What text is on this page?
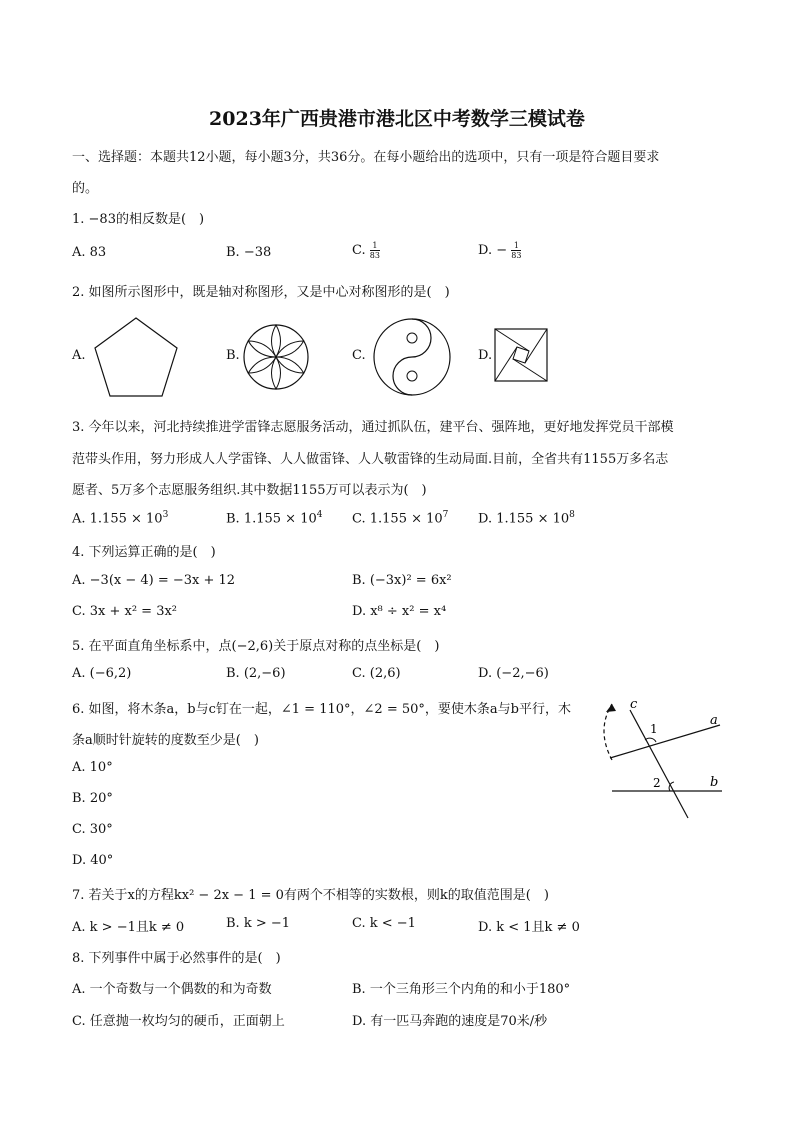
2023年广西贵港市港北区中考数学三模试卷
一、选择题：本题共12小题，每小题3分，共36分。在每小题给出的选项中，只有一项是符合题目要求
的。
1. −83的相反数是(　)
A. 83	B. −38	C. $\frac{1}{83}$	D. − $\frac{1}{83}$
2. 如图所示图形中，既是轴对称图形，又是中心对称图形的是(　)
A.	B.	C.	D.
3. 今年以来，河北持续推进学雷锋志愿服务活动，通过抓队伍，建平台、强阵地，更好地发挥党员干部模
范带头作用，努力形成人人学雷锋、人人做雷锋、人人敬雷锋的生动局面.目前，全省共有1155万多名志
愿者、5万多个志愿服务组织.其中数据1155万可以表示为(　)
A. $1.155 \times 10^3$	B. $1.155 \times 10^4$ C. $1.155 \times 10^7$ D. $1.155 \times 10^8$
4. 下列运算正确的是(　)
A. −3(x − 4) = −3x + 12	B. (−3x)² = 6x²
C. 3x + x² = 3x²	D. x⁸ ÷ x² = x⁴
5. 在平面直角坐标系中，点(−2,6)关于原点对称的点坐标是(　)
A. (−6,2)	B. (2,−6)	C. (2,6)	D. (−2,−6)
6. 如图，将木条a，b与c钉在一起，∠1 = 110°，∠2 = 50°，要使木条a与b平行，木
条a顺时针旋转的度数至少是(　)
A. 10°
B. 20°
C. 30°
D. 40°
c
a
b
1
2
7. 若关于x的方程kx² − 2x − 1 = 0有两个不相等的实数根，则k的取值范围是(　)
A. k > −1且k ≠ 0	B. k > −1	C. k < −1	D. k < 1且k ≠ 0
8. 下列事件中属于必然事件的是(　)
A. 一个奇数与一个偶数的和为奇数	B. 一个三角形三个内角的和小于180°
C. 任意抛一枚均匀的硬币，正面朝上	D. 有一匹马奔跑的速度是70米/秒
